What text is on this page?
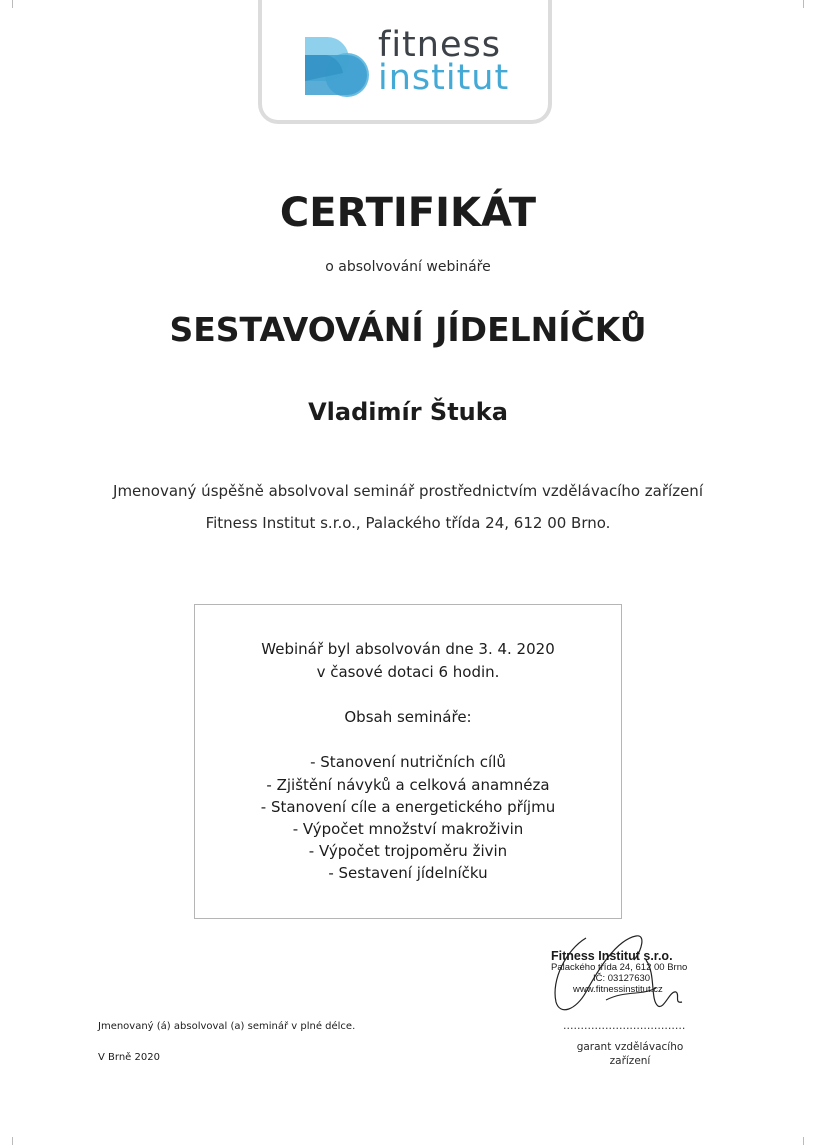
fitness
institut
CERTIFIKÁT
o absolvování webináře
SESTAVOVÁNÍ JÍDELNÍČKŮ
Vladimír Štuka
Jmenovaný úspěšně absolvoval seminář prostřednictvím vzdělávacího zařízení
Fitness Institut s.r.o., Palackého třída 24, 612 00 Brno.
Webinář byl absolvován dne 3. 4. 2020
v časové dotaci 6 hodin.
Obsah semináře:
- Stanovení nutričních cílů
- Zjištění návyků a celková anamnéza
- Stanovení cíle a energetického příjmu
- Výpočet množství makroživin
- Výpočet trojpoměru živin
- Sestavení jídelníčku
Fitness Institut s.r.o.
Palackého třída 24, 612 00 Brno
IČ: 03127630
www.fitnessinstitut.cz
Jmenovaný (á) absolvoval (a) seminář v plné délce.
V Brně 2020
...................................
garant vzdělávacího zařízení
